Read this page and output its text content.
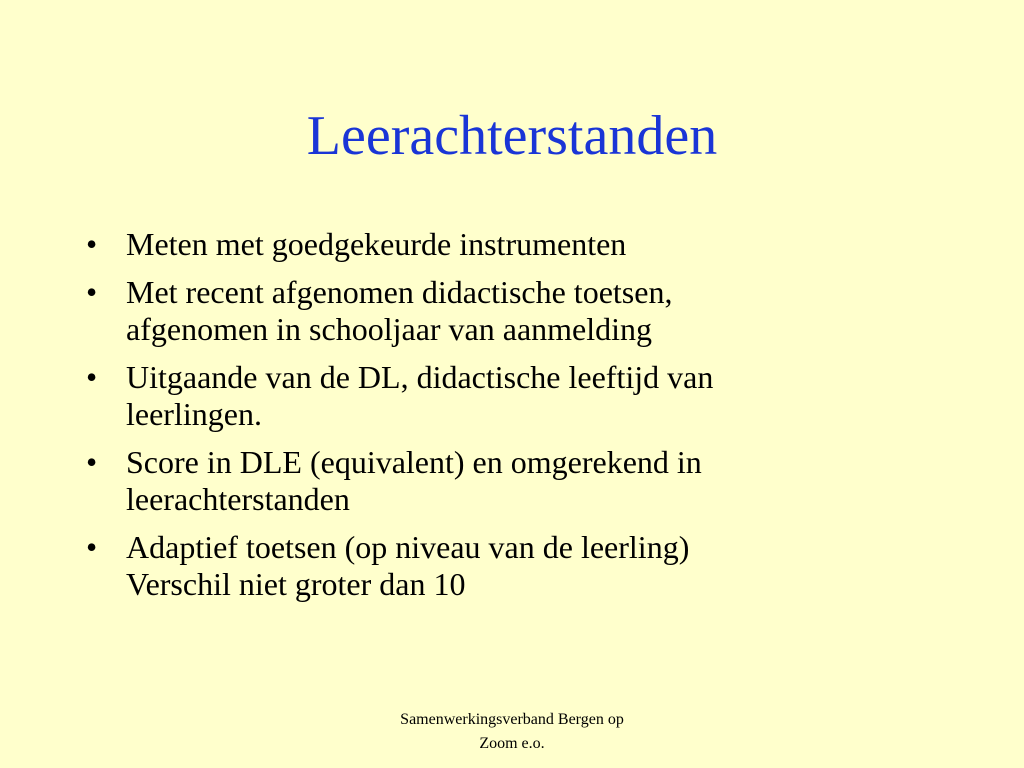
Leerachterstanden
• Meten met goedgekeurde instrumenten
• Met recent afgenomen didactische toetsen,
afgenomen in schooljaar van aanmelding
• Uitgaande van de DL, didactische leeftijd van
leerlingen.
• Score in DLE (equivalent) en omgerekend in
leerachterstanden
• Adaptief toetsen (op niveau van de leerling)
Verschil niet groter dan 10
Samenwerkingsverband Bergen op
Zoom e.o.
